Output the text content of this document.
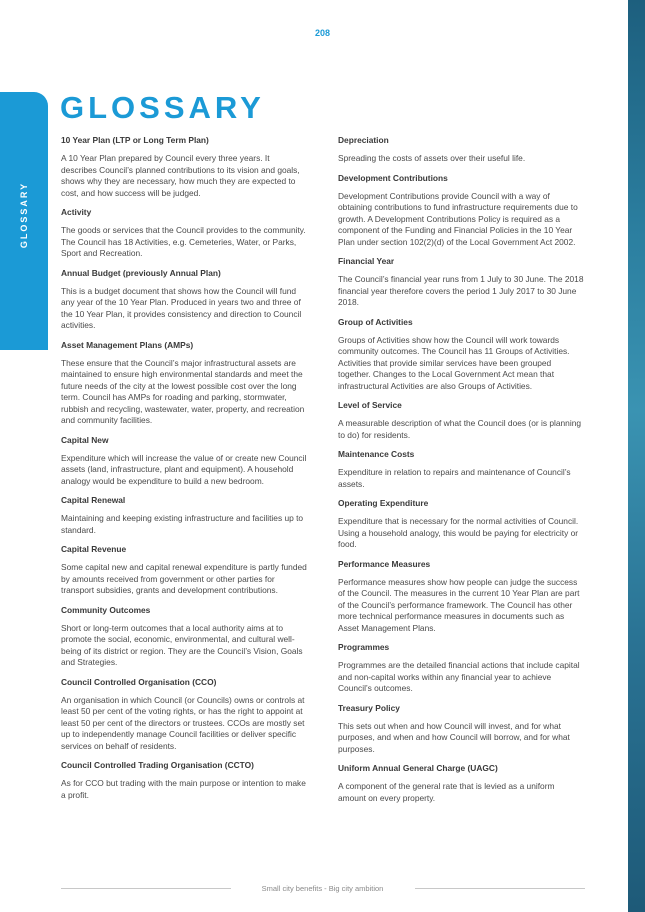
208
GLOSSARY
GLOSSARY

10 Year Plan (LTP or Long Term Plan)

A 10 Year Plan prepared by Council every three years. It describes Council’s planned contributions to its vision and goals, shows why they are necessary, how much they are expected to cost, and how success will be judged.

Activity

The goods or services that the Council provides to the community. The Council has 18 Activities, e.g. Cemeteries, Water, or Parks, Sport and Recreation.

Annual Budget (previously Annual Plan)

This is a budget document that shows how the Council will fund any year of the 10 Year Plan. Produced in years two and three of the 10 Year Plan, it provides consistency and direction to Council activities.

Asset Management Plans (AMPs)

These ensure that the Council’s major infrastructural assets are maintained to ensure high environmental standards and meet the future needs of the city at the lowest possible cost over the long term. Council has AMPs for roading and parking, stormwater, rubbish and recycling, wastewater, water, property, and recreation and community facilities.

Capital New

Expenditure which will increase the value of or create new Council assets (land, infrastructure, plant and equipment). A household analogy would be expenditure to build a new bedroom.

Capital Renewal

Maintaining and keeping existing infrastructure and facilities up to standard.

Capital Revenue

Some capital new and capital renewal expenditure is partly funded by amounts received from government or other parties for transport subsidies, grants and development contributions.

Community Outcomes

Short or long-term outcomes that a local authority aims at to promote the social, economic, environmental, and cultural well-being of its district or region. They are the Council’s Vision, Goals and Strategies.

Council Controlled Organisation (CCO)

An organisation in which Council (or Councils) owns or controls at least 50 per cent of the voting rights, or has the right to appoint at least 50 per cent of the directors or trustees. CCOs are mostly set up to independently manage Council facilities or deliver specific services on behalf of residents.

Council Controlled Trading Organisation (CCTO)

As for CCO but trading with the main purpose or intention to make a profit.

Depreciation

Spreading the costs of assets over their useful life.

Development Contributions

Development Contributions provide Council with a way of obtaining contributions to fund infrastructure requirements due to growth. A Development Contributions Policy is required as a component of the Funding and Financial Policies in the 10 Year Plan under section 102(2)(d) of the Local Government Act 2002.

Financial Year

The Council’s financial year runs from 1 July to 30 June. The 2018 financial year therefore covers the period 1 July 2017 to 30 June 2018.

Group of Activities

Groups of Activities show how the Council will work towards community outcomes. The Council has 11 Groups of Activities. Activities that provide similar services have been grouped together. Changes to the Local Government Act mean that infrastructural Activities are also Groups of Activities.

Level of Service

A measurable description of what the Council does (or is planning to do) for residents.

Maintenance Costs

Expenditure in relation to repairs and maintenance of Council’s assets.

Operating Expenditure

Expenditure that is necessary for the normal activities of Council. Using a household analogy, this would be paying for electricity or food.

Performance Measures

Performance measures show how people can judge the success of the Council. The measures in the current 10 Year Plan are part of the Council’s performance framework. The Council has other more technical performance measures in documents such as Asset Management Plans.

Programmes

Programmes are the detailed financial actions that include capital and non-capital works within any financial year to achieve Council’s outcomes.

Treasury Policy

This sets out when and how Council will invest, and for what purposes, and when and how Council will borrow, and for what purposes.

Uniform Annual General Charge (UAGC)

A component of the general rate that is levied as a uniform amount on every property.

Small city benefits - Big city ambition
